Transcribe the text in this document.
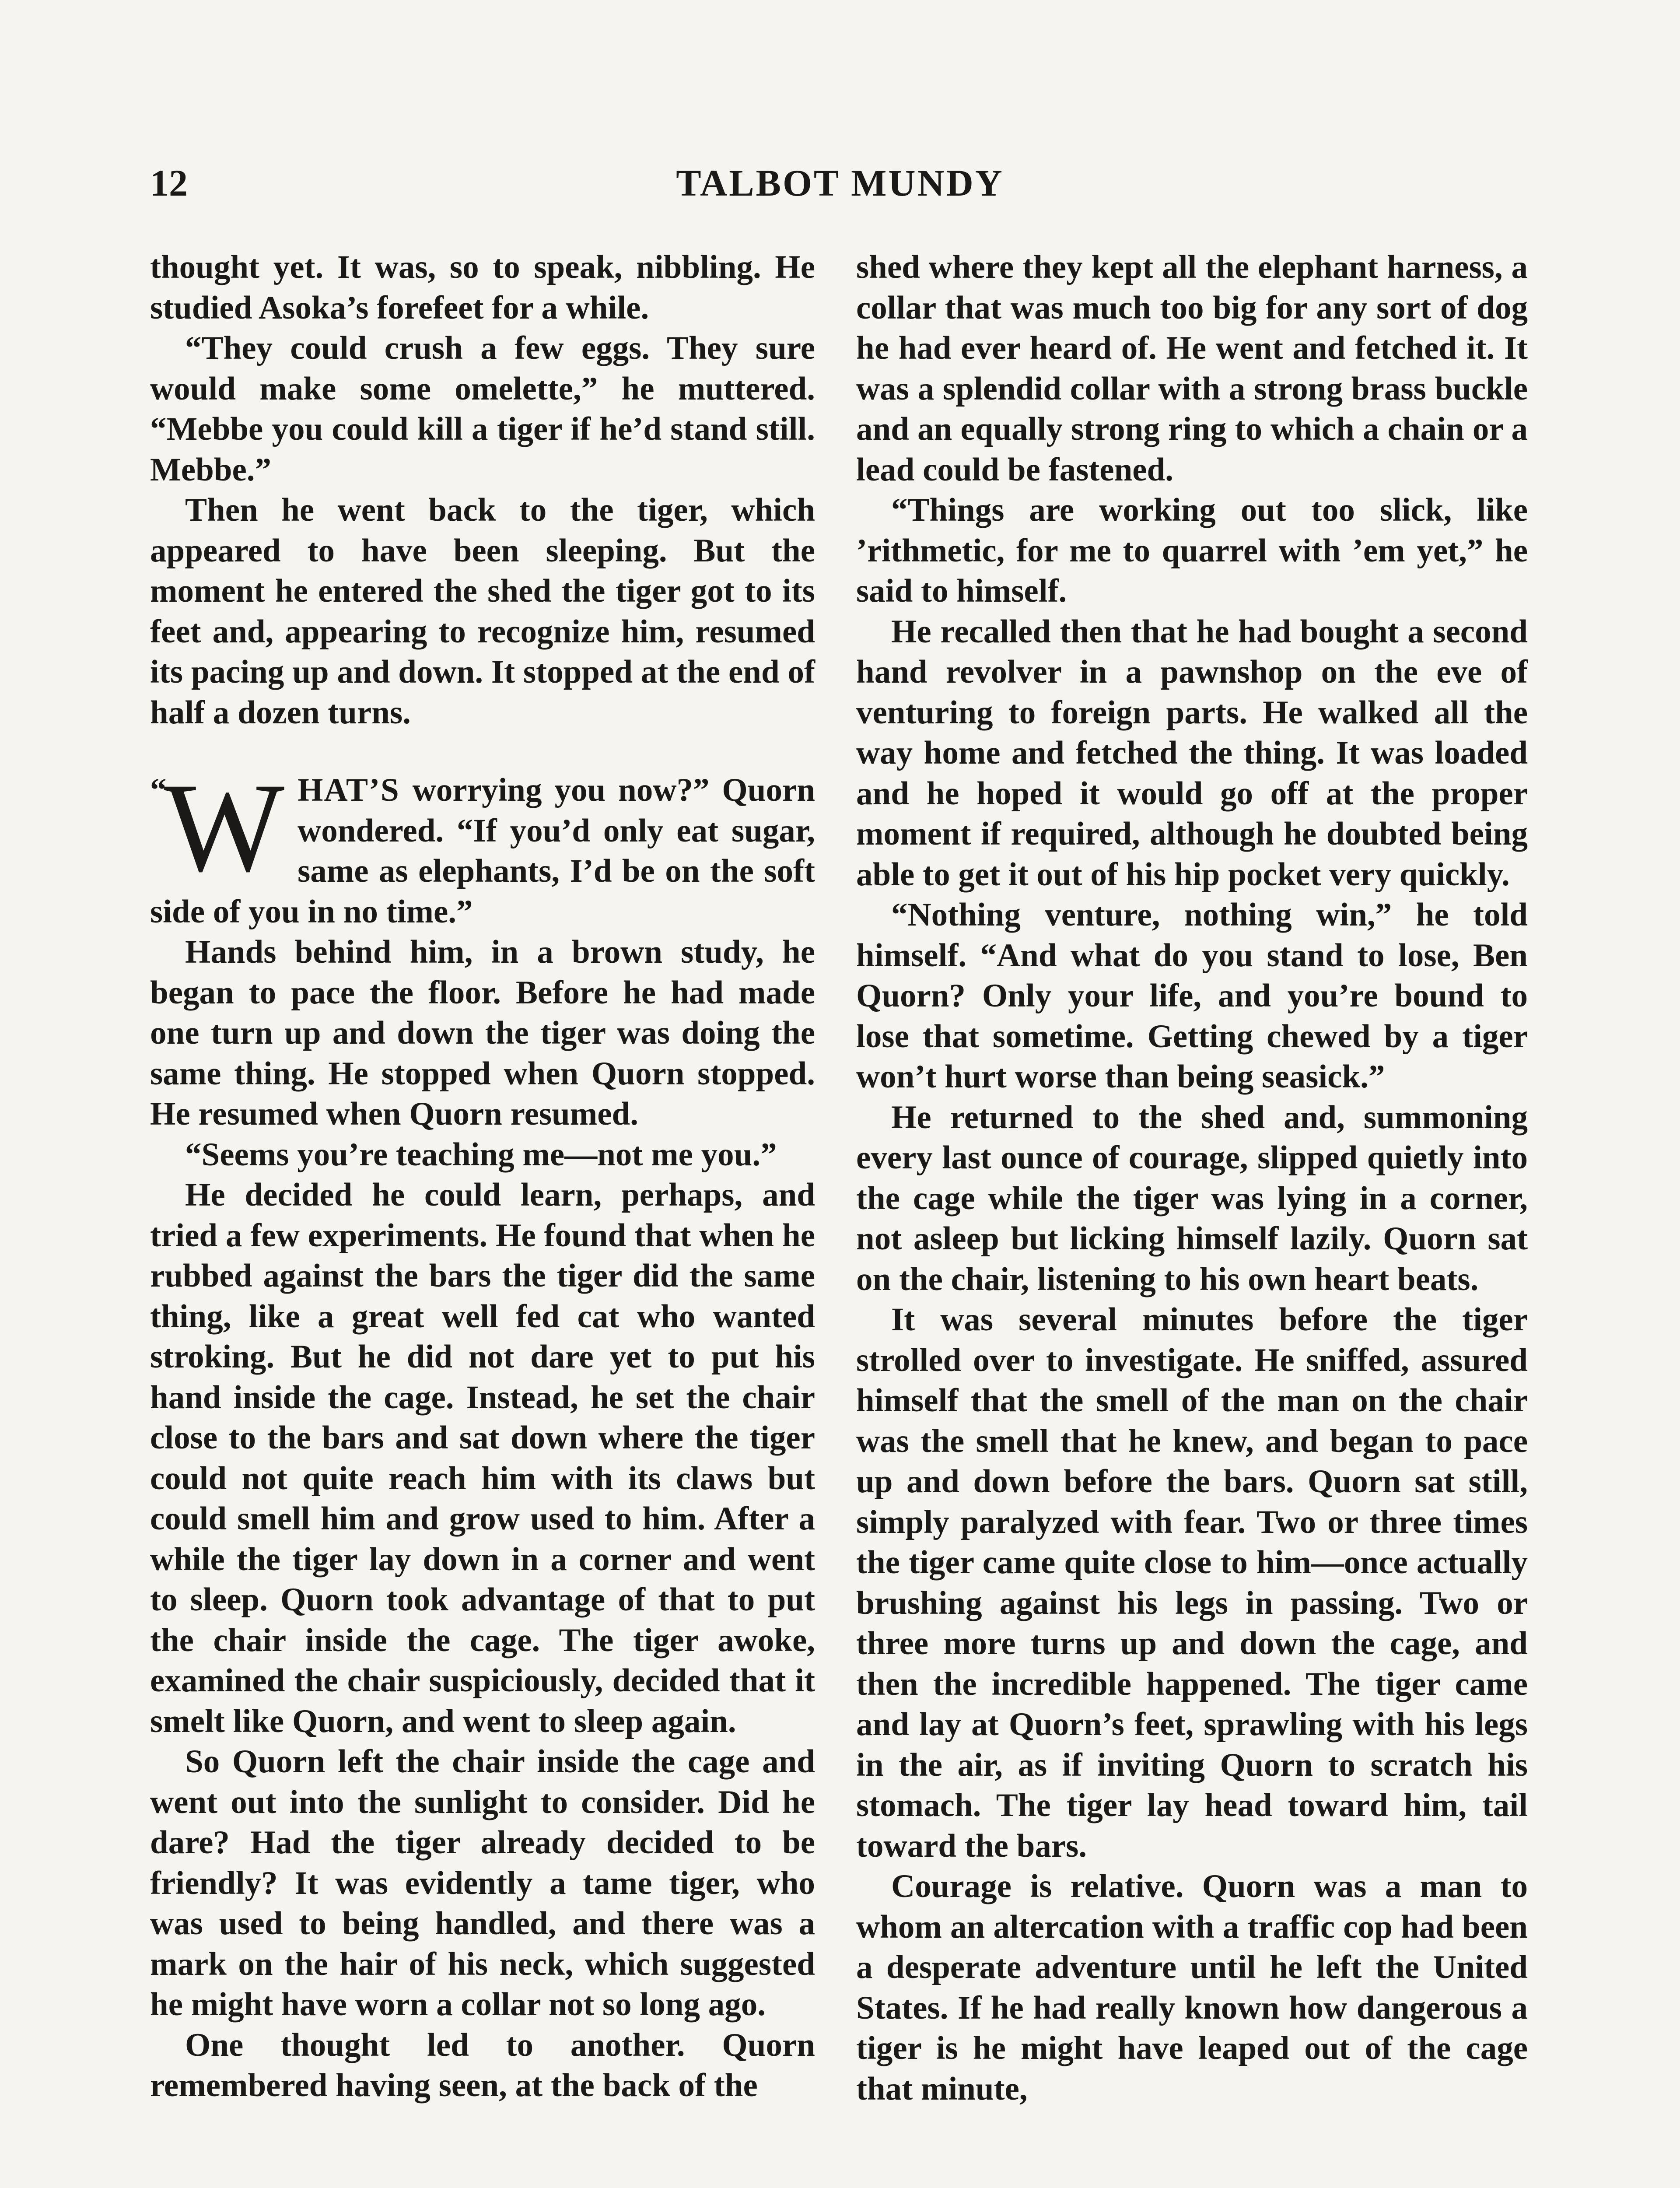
12	TALBOT MUNDY

thought yet. It was, so to speak, nibbling. He studied Asoka’s forefeet for a while.

“They could crush a few eggs. They sure would make some omelette,” he muttered. “Mebbe you could kill a tiger if he’d stand still. Mebbe.”

Then he went back to the tiger, which appeared to have been sleeping. But the moment he entered the shed the tiger got to its feet and, appearing to recognize him, resumed its pacing up and down. It stopped at the end of half a dozen turns.

“
W HAT’S worrying you now?” Quorn wondered. “If you’d only eat sugar, same as elephants, I’d be on the soft side of you in no time.”

Hands behind him, in a brown study, he began to pace the floor. Before he had made one turn up and down the tiger was doing the same thing. He stopped when Quorn stopped. He resumed when Quorn resumed.

“Seems you’re teaching me—not me you.”

He decided he could learn, perhaps, and tried a few experiments. He found that when he rubbed against the bars the tiger did the same thing, like a great well fed cat who wanted stroking. But he did not dare yet to put his hand inside the cage. Instead, he set the chair close to the bars and sat down where the tiger could not quite reach him with its claws but could smell him and grow used to him. After a while the tiger lay down in a corner and went to sleep. Quorn took advantage of that to put the chair inside the cage. The tiger awoke, examined the chair suspiciously, decided that it smelt like Quorn, and went to sleep again.

So Quorn left the chair inside the cage and went out into the sunlight to consider. Did he dare? Had the tiger already decided to be friendly? It was evidently a tame tiger, who was used to being handled, and there was a mark on the hair of his neck, which suggested he might have worn a collar not so long ago.

One thought led to another. Quorn remembered having seen, at the back of the

shed where they kept all the elephant harness, a collar that was much too big for any sort of dog he had ever heard of. He went and fetched it. It was a splendid collar with a strong brass buckle and an equally strong ring to which a chain or a lead could be fastened.

“Things are working out too slick, like ’rithmetic, for me to quarrel with ’em yet,” he said to himself.

He recalled then that he had bought a second hand revolver in a pawnshop on the eve of venturing to foreign parts. He walked all the way home and fetched the thing. It was loaded and he hoped it would go off at the proper moment if required, although he doubted being able to get it out of his hip pocket very quickly.

“Nothing venture, nothing win,” he told himself. “And what do you stand to lose, Ben Quorn? Only your life, and you’re bound to lose that sometime. Getting chewed by a tiger won’t hurt worse than being seasick.”

He returned to the shed and, summoning every last ounce of courage, slipped quietly into the cage while the tiger was lying in a corner, not asleep but licking himself lazily. Quorn sat on the chair, listening to his own heart beats.

It was several minutes before the tiger strolled over to investigate. He sniffed, assured himself that the smell of the man on the chair was the smell that he knew, and began to pace up and down before the bars. Quorn sat still, simply paralyzed with fear. Two or three times the tiger came quite close to him—once actually brushing against his legs in passing. Two or three more turns up and down the cage, and then the incredible happened. The tiger came and lay at Quorn’s feet, sprawling with his legs in the air, as if inviting Quorn to scratch his stomach. The tiger lay head toward him, tail toward the bars.

Courage is relative. Quorn was a man to whom an altercation with a traffic cop had been a desperate adventure until he left the United States. If he had really known how dangerous a tiger is he might have leaped out of the cage that minute,
